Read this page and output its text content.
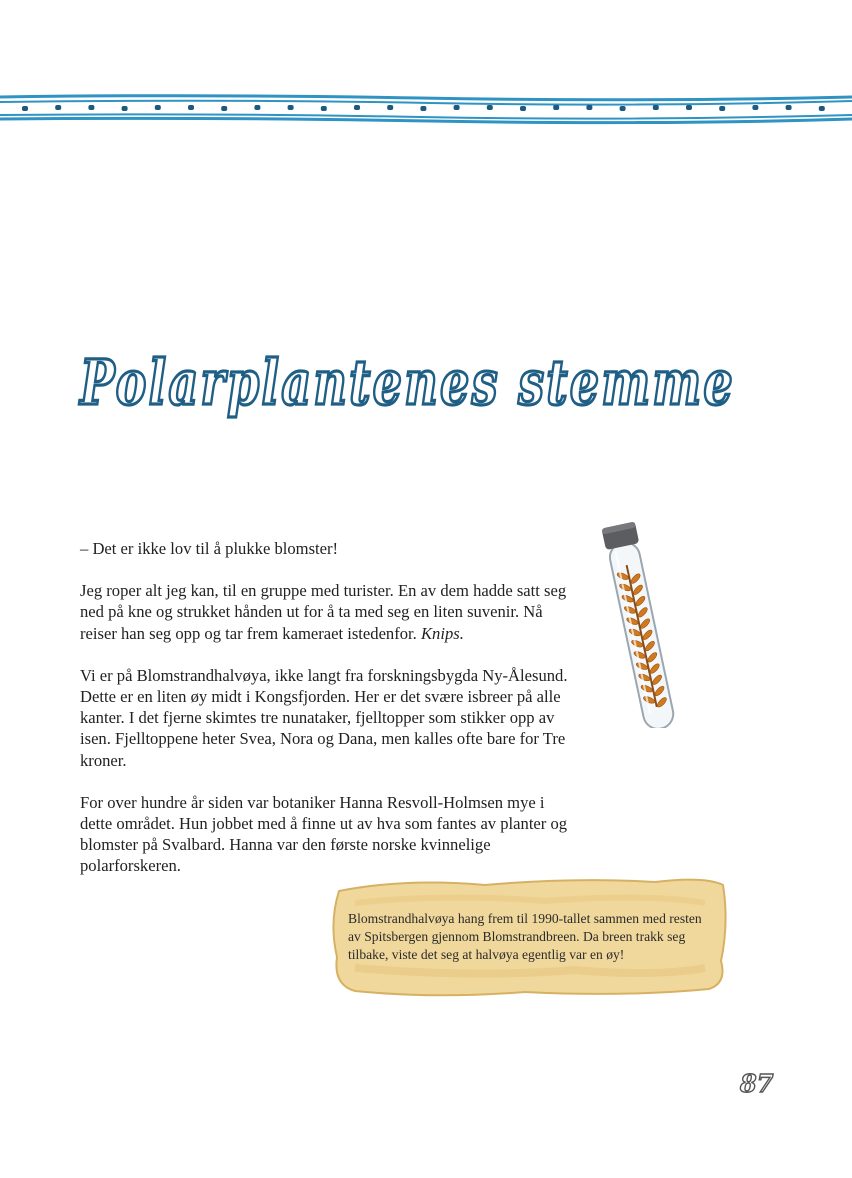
Polarplantenes stemme

– Det er ikke lov til å plukke blomster!

Jeg roper alt jeg kan, til en gruppe med turister. En av dem hadde satt seg ned på kne og strukket hånden ut for å ta med seg en liten suvenir. Nå reiser han seg opp og tar frem kameraet istedenfor. Knips.

Vi er på Blomstrandhalvøya, ikke langt fra forskningsbygda Ny-Ålesund. Dette er en liten øy midt i Kongsfjorden. Her er det svære isbreer på alle kanter. I det fjerne skimtes tre nunataker, fjelltopper som stikker opp av isen. Fjelltoppene heter Svea, Nora og Dana, men kalles ofte bare for Tre kroner.

For over hundre år siden var botaniker Hanna Resvoll-Holmsen mye i dette området. Hun jobbet med å finne ut av hva som fantes av planter og blomster på Svalbard. Hanna var den første norske kvinnelige polarforskeren.

Blomstrandhalvøya hang frem til 1990-tallet sammen med resten av Spitsbergen gjennom Blomstrandbreen. Da breen trakk seg tilbake, viste det seg at halvøya egentlig var en øy!
87
